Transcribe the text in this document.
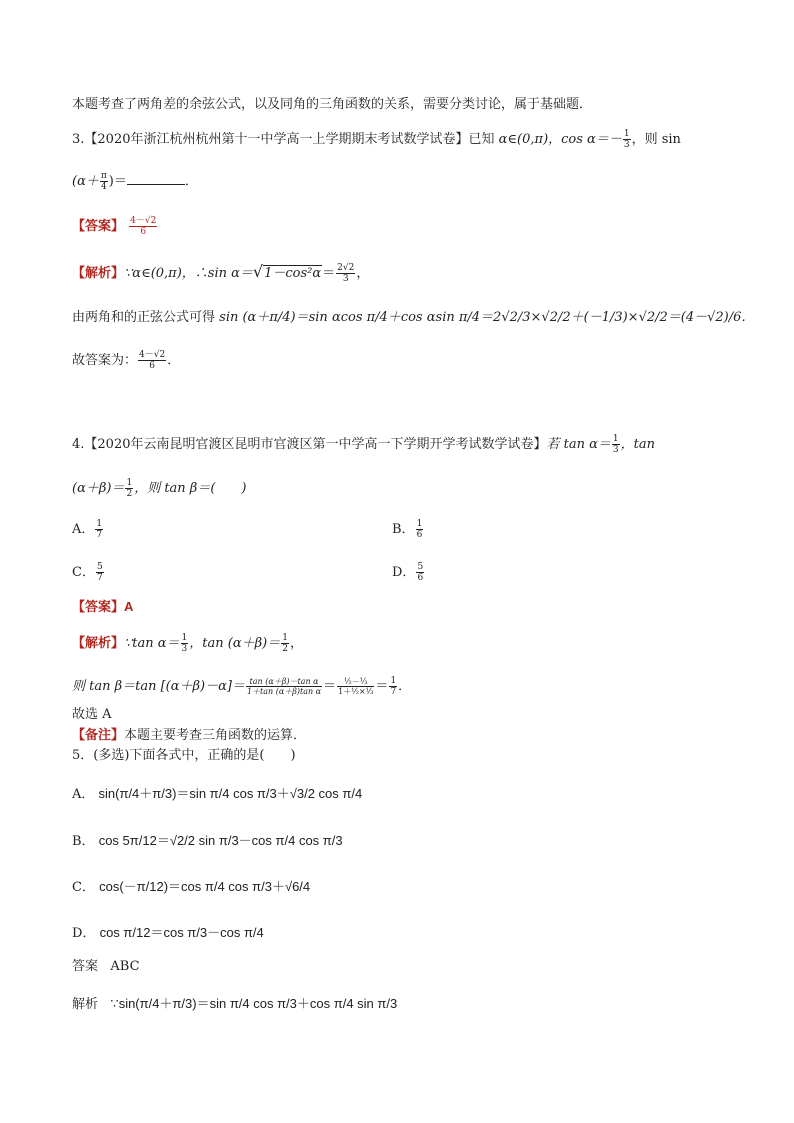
本题考查了两角差的余弦公式，以及同角的三角函数的关系，需要分类讨论，属于基础题．
3.【2020年浙江杭州杭州第十一中学高一上学期期末考试数学试卷】已知 α∈(0,π)，$\cos \alpha=- \frac{1}{3}$ ，则 sin
($\alpha+ \frac{\pi}{4}$ )＝	．
【答案】 $\frac{4-√2}{6}$
【解析】∵α∈(0,π)，∴sin $\alpha=√1-\cos^2\alpha= \frac{2√2}{3}$ ，
由两角和的正弦公式可得 sin (α＋π/4)＝sin αcos π/4＋cos αsin π/4＝2√2/3×√2/2＋(－1/3)×√2/2＝(4－√2)/6．
故答案为： $\frac{4-√2}{6}$ ．
4.【2020年云南昆明官渡区昆明市官渡区第一中学高一下学期开学考试数学试卷】若 $\tan \alpha= \frac{1}{3}$ ，tan
$(\alpha+\beta)= \frac{1}{2}$ ，则 tan β＝(　　)
A． $\frac{1}{7}$	B． $\frac{1}{6}$
C． $\frac{5}{7}$	D． $\frac{5}{6}$
【答案】A
【解析】∵tan $\alpha= \frac{1}{3}$ ，$\tan (\alpha+\beta)= \frac{1}{2}$ ，
则 tan β＝tan $[(\alpha+\beta)-\alpha]= \frac{\text{tan (α＋β)－tan α}}{\text{1＋tan (α＋β)tan α}} = \frac{\text{½－⅓}}{\text{1＋½×⅓}} = \frac{1}{7}$ ．
故选 A
【备注】本题主要考查三角函数的运算．
5．(多选)下面各式中，正确的是(　　)
A． sin(π/4＋π/3)＝sin π/4 cos π/3＋√3/2 cos π/4
B． cos 5π/12＝√2/2 sin π/3－cos π/4 cos π/3
C． cos(－π/12)＝cos π/4 cos π/3＋√6/4
D． cos π/12＝cos π/3－cos π/4
答案 ABC
解析 ∵sin(π/4＋π/3)＝sin π/4 cos π/3＋cos π/4 sin π/3
